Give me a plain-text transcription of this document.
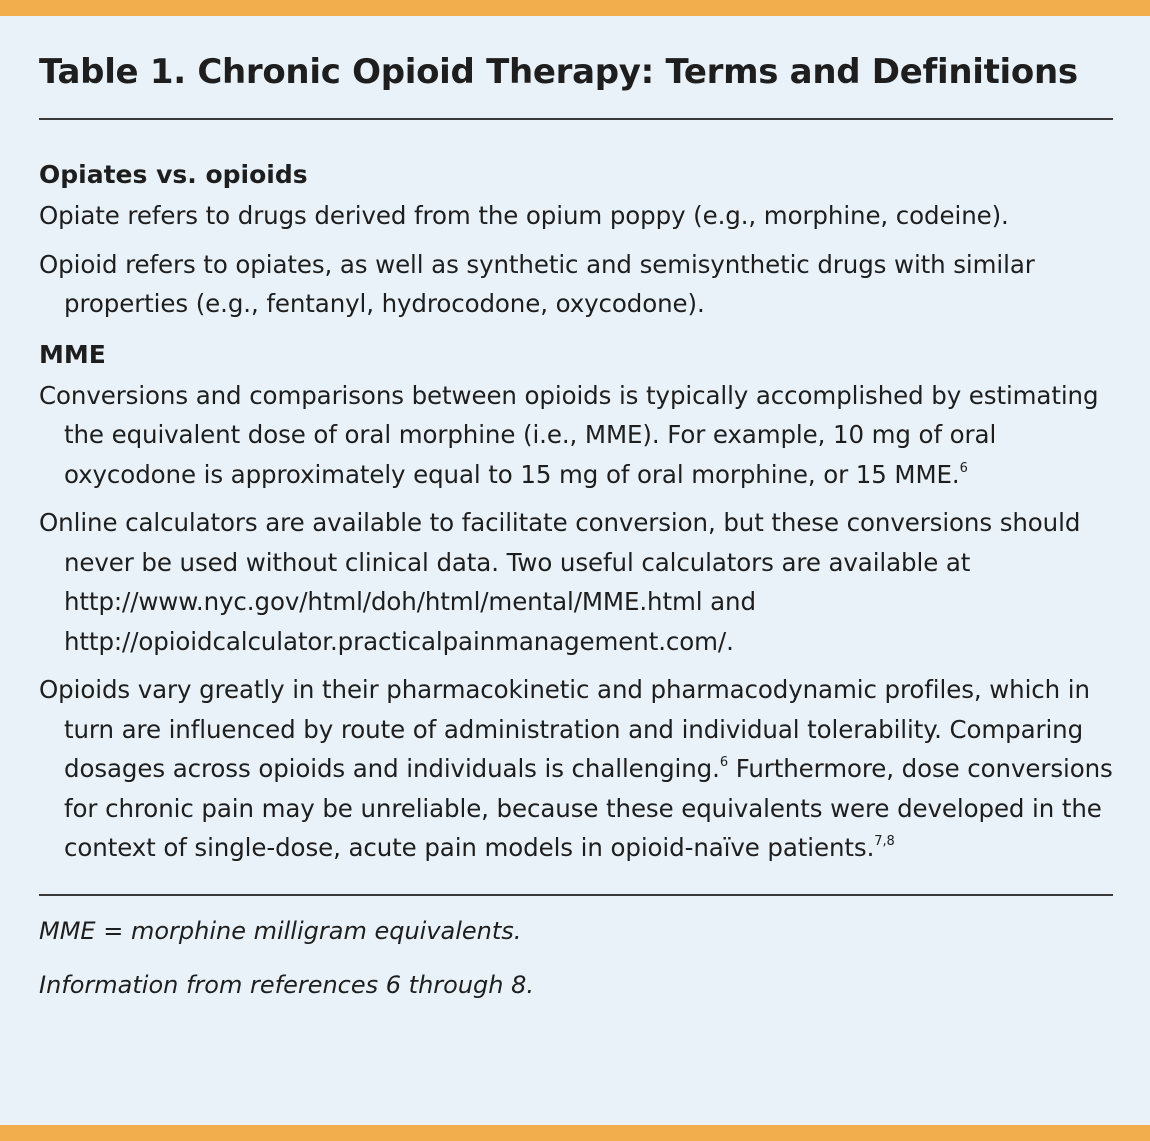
Table 1. Chronic Opioid Therapy: Terms and Definitions
Opiates vs. opioids

Opiate refers to drugs derived from the opium poppy (e.g., morphine, codeine).

Opioid refers to opiates, as well as synthetic and semisynthetic drugs with similar properties (e.g., fentanyl, hydrocodone, oxycodone).

MME

Conversions and comparisons between opioids is typically accomplished by estimating the equivalent dose of oral morphine (i.e., MME). For example, 10 mg of oral oxycodone is approximately equal to 15 mg of oral morphine, or 15 MME.$^6$

Online calculators are available to facilitate conversion, but these conversions should never be used without clinical data. Two useful calculators are available at http://www.nyc.gov/html/doh/html/mental/MME.html and http://opioidcalculator.practicalpainmanagement.com/.

Opioids vary greatly in their pharmacokinetic and pharmacodynamic profiles, which in turn are influenced by route of administration and individual tolerability. Comparing dosages across opioids and individuals is challenging.$^6$ Furthermore, dose conversions for chronic pain may be unreliable, because these equivalents were developed in the context of single-dose, acute pain models in opioid-naïve patients.$^{7,8}$

MME = morphine milligram equivalents.

Information from references 6 through 8.
